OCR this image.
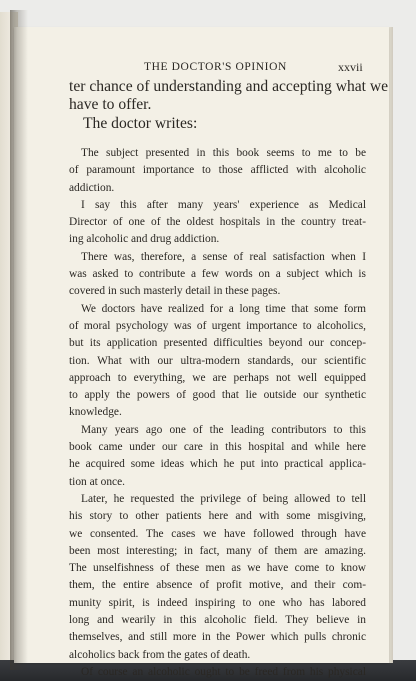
THE DOCTOR'S OPINION	xxvii
ter chance of understanding and accepting what we
have to offer.
The doctor writes:

The subject presented in this book seems to me to be
of paramount importance to those afflicted with alcoholic
addiction.

I say this after many years' experience as Medical
Director of one of the oldest hospitals in the country treat-
ing alcoholic and drug addiction.

There was, therefore, a sense of real satisfaction when I
was asked to contribute a few words on a subject which is
covered in such masterly detail in these pages.

We doctors have realized for a long time that some form
of moral psychology was of urgent importance to alcoholics,
but its application presented difficulties beyond our concep-
tion. What with our ultra-modern standards, our scientific
approach to everything, we are perhaps not well equipped
to apply the powers of good that lie outside our synthetic
knowledge.

Many years ago one of the leading contributors to this
book came under our care in this hospital and while here
he acquired some ideas which he put into practical applica-
tion at once.

Later, he requested the privilege of being allowed to tell
his story to other patients here and with some misgiving,
we consented. The cases we have followed through have
been most interesting; in fact, many of them are amazing.
The unselfishness of these men as we have come to know
them, the entire absence of profit motive, and their com-
munity spirit, is indeed inspiring to one who has labored
long and wearily in this alcoholic field. They believe in
themselves, and still more in the Power which pulls chronic
alcoholics back from the gates of death.

Of course an alcoholic ought to be freed from his physical
